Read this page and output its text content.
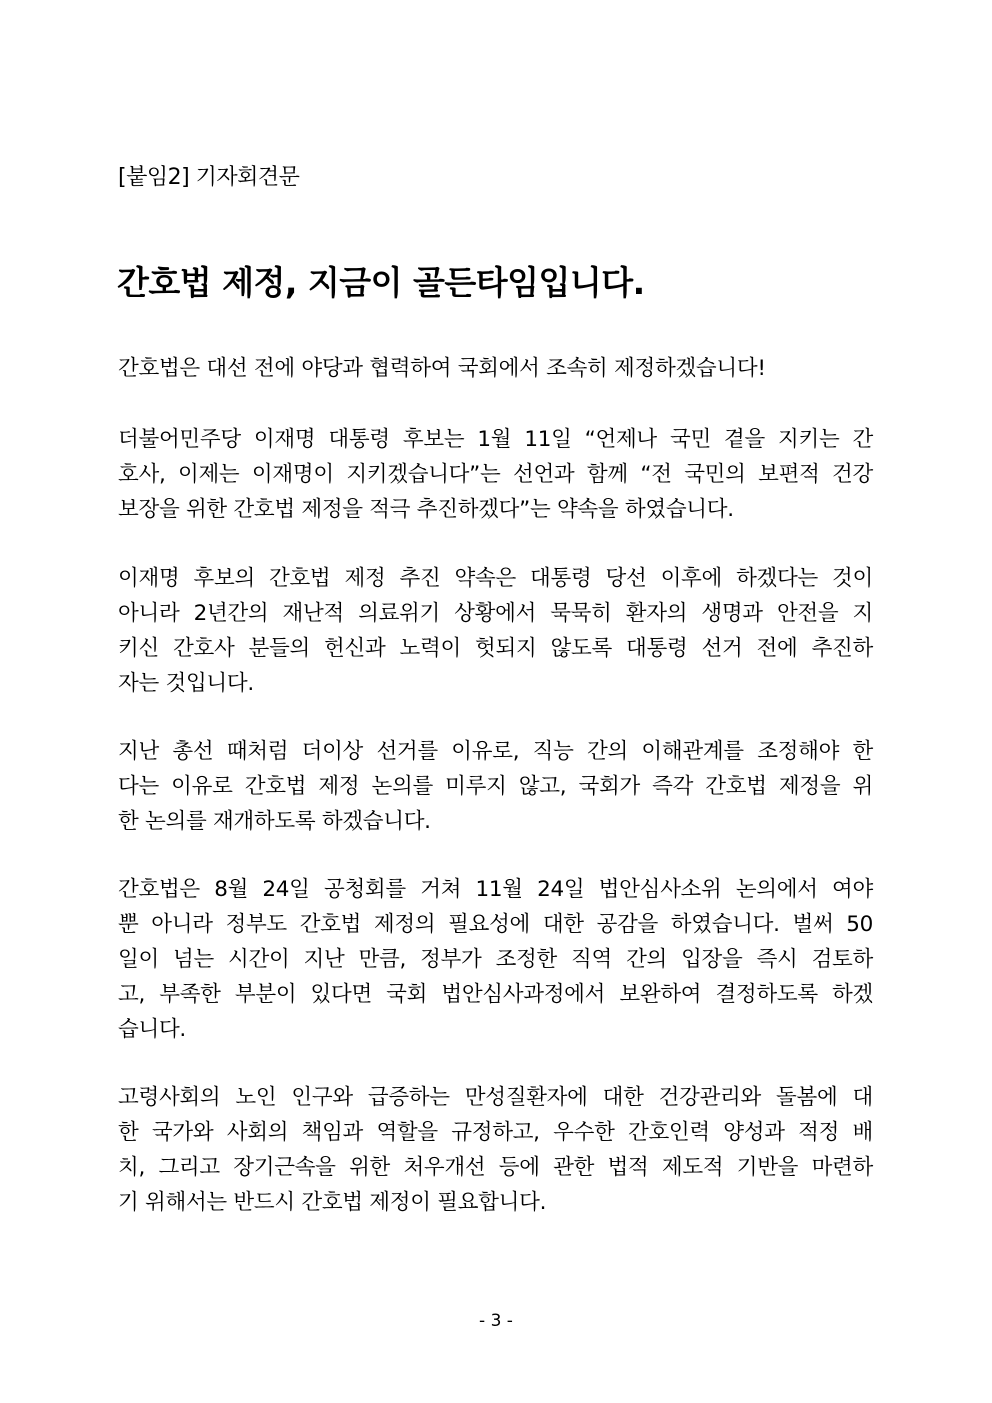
[붙임2] 기자회견문
간호법 제정, 지금이 골든타임입니다.

간호법은 대선 전에 야당과 협력하여 국회에서 조속히 제정하겠습니다!

더불어민주당 이재명 대통령 후보는 1월 11일 “언제나 국민 곁을 지키는 간
호사, 이제는 이재명이 지키겠습니다”는 선언과 함께 “전 국민의 보편적 건강
보장을 위한 간호법 제정을 적극 추진하겠다”는 약속을 하였습니다.

이재명 후보의 간호법 제정 추진 약속은 대통령 당선 이후에 하겠다는 것이
아니라 2년간의 재난적 의료위기 상황에서 묵묵히 환자의 생명과 안전을 지
키신 간호사 분들의 헌신과 노력이 헛되지 않도록 대통령 선거 전에 추진하
자는 것입니다.

지난 총선 때처럼 더이상 선거를 이유로, 직능 간의 이해관계를 조정해야 한
다는 이유로 간호법 제정 논의를 미루지 않고, 국회가 즉각 간호법 제정을 위
한 논의를 재개하도록 하겠습니다.

간호법은 8월 24일 공청회를 거쳐 11월 24일 법안심사소위 논의에서 여야
뿐 아니라 정부도 간호법 제정의 필요성에 대한 공감을 하였습니다. 벌써 50
일이 넘는 시간이 지난 만큼, 정부가 조정한 직역 간의 입장을 즉시 검토하
고, 부족한 부분이 있다면 국회 법안심사과정에서 보완하여 결정하도록 하겠
습니다.

고령사회의 노인 인구와 급증하는 만성질환자에 대한 건강관리와 돌봄에 대
한 국가와 사회의 책임과 역할을 규정하고, 우수한 간호인력 양성과 적정 배
치, 그리고 장기근속을 위한 처우개선 등에 관한 법적 제도적 기반을 마련하
기 위해서는 반드시 간호법 제정이 필요합니다.

- 3 -
